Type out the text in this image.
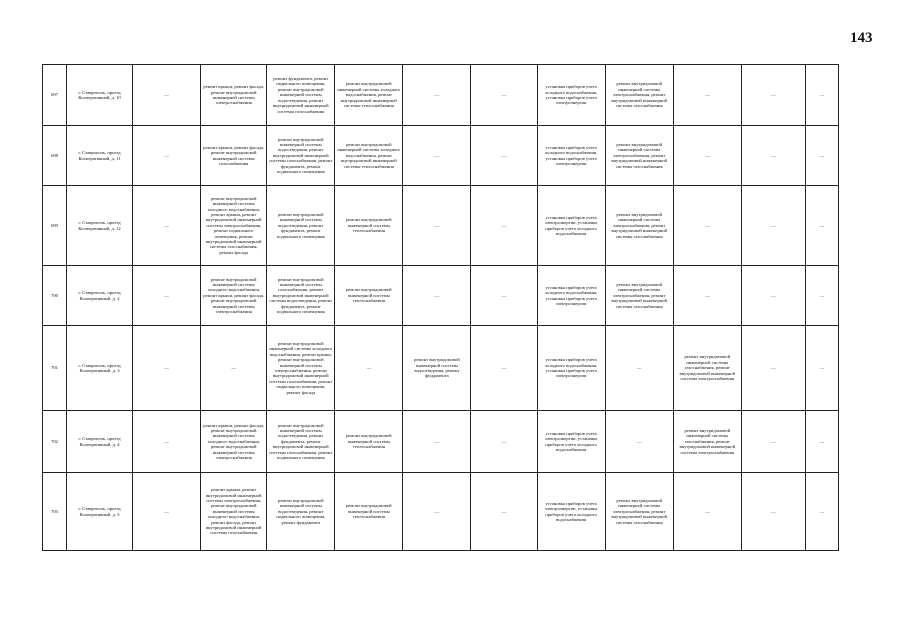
143
697	г. Ставрополь, проезд Кооперативный, д. 10	—	ремонт крыши, ремонт фасада, ремонт внутридомовой инженерной системы электроснабжения	ремонт фундамента, ремонт подвального помещения, ремонт внутридомовой инженерной системы водоотведения, ремонт внутридомовой инженерной системы газоснабжения	ремонт внутридомовой инженерной системы холодного водоснабжения, ремонт внутридомовой инженерной системы теплоснабжения	—	—	установка приборов учета холодного водоснабжения, установка приборов учета электроэнергии	ремонт внутридомовой инженерной системы электроснабжения, ремонт внутридомовой инженерной системы газоснабжения	—	—	—
698	г. Ставрополь, проезд Кооперативный, д. 11	—	ремонт крыши, ремонт фасада, ремонт внутридомовой инженерной системы газоснабжения	ремонт внутридомовой инженерной системы водоотведения, ремонт внутридомовой инженерной системы газоснабжения, ремонт фундамента, ремонт подвального помещения	ремонт внутридомовой инженерной системы холодного водоснабжения, ремонт внутридомовой инженерной системы теплоснабжения	—	—	установка приборов учета холодного водоснабжения, установка приборов учета электроэнергии	ремонт внутридомовой инженерной системы электроснабжения, ремонт внутридомовой инженерной системы газоснабжения	—	—	—
699	г. Ставрополь, проезд Кооперативный, д. 12	—	ремонт внутридомовой инженерной системы холодного водоснабжения, ремонт крыши, ремонт внутридомовой инженерной системы электроснабжения, ремонт подвального помещения, ремонт внутридомовой инженерной системы газоснабжения, ремонт фасада	ремонт внутридомовой инженерной системы водоотведения, ремонт фундамента, ремонт подвального помещения	ремонт внутридомовой инженерной системы теплоснабжения	—	—	установка приборов учета электроэнергии, установка приборов учета холодного водоснабжения	ремонт внутридомовой инженерной системы электроснабжения, ремонт внутридомовой инженерной системы газоснабжения	—	—	—
700	г. Ставрополь, проезд Кооперативный, д. 2	—	ремонт внутридомовой инженерной системы холодного водоснабжения, ремонт крыши, ремонт фасада, ремонт внутридомовой инженерной системы электроснабжения	ремонт внутридомовой инженерной системы газоснабжения, ремонт внутридомовой инженерной системы водоотведения, ремонт фундамента, ремонт подвального помещения	ремонт внутридомовой инженерной системы теплоснабжения	—	—	установка приборов учета холодного водоснабжения, установка приборов учета электроэнергии	ремонт внутридомовой инженерной системы электроснабжения, ремонт внутридомовой инженерной системы газоснабжения	—	—	—
701	г. Ставрополь, проезд Кооперативный, д. 3	—	—	ремонт внутридомовой инженерной системы холодного водоснабжения, ремонт крыши, ремонт внутридомовой инженерной системы электроснабжения, ремонт внутридомовой инженерной системы газоснабжения, ремонт подвального помещения, ремонт фасада	—	ремонт внутридомовой инженерной системы водоотведения, ремонт фундамента	—	установка приборов учета холодного водоснабжения, установка приборов учета электроэнергии	—	ремонт внутридомовой инженерной системы газоснабжения, ремонт внутридомовой инженерной системы электроснабжения	—	—
702	г. Ставрополь, проезд Кооперативный, д. 4	—	ремонт крыши, ремонт фасада, ремонт внутридомовой инженерной системы холодного водоснабжения, ремонт внутридомовой инженерной системы электроснабжения	ремонт внутридомовой инженерной системы водоотведения, ремонт фундамента, ремонт внутридомовой инженерной системы газоснабжения, ремонт подвального помещения	ремонт внутридомовой инженерной системы теплоснабжения	—	—	установка приборов учета электроэнергии, установка приборов учета холодного водоснабжения	—	ремонт внутридомовой инженерной системы газоснабжения, ремонт внутридомовой инженерной системы электроснабжения	—	—
703	г. Ставрополь, проезд Кооперативный, д. 5	—	ремонт крыши, ремонт внутридомовой инженерной системы электроснабжения, ремонт внутридомовой инженерной системы холодного водоснабжения, ремонт фасада, ремонт внутридомовой инженерной системы газоснабжения	ремонт внутридомовой инженерной системы водоотведения, ремонт подвального помещения, ремонт фундамента	ремонт внутридомовой инженерной системы теплоснабжения	—	—	установка приборов учета электроэнергии, установка приборов учета холодного водоснабжения	ремонт внутридомовой инженерной системы электроснабжения, ремонт внутридомовой инженерной системы газоснабжения	—	—	—
